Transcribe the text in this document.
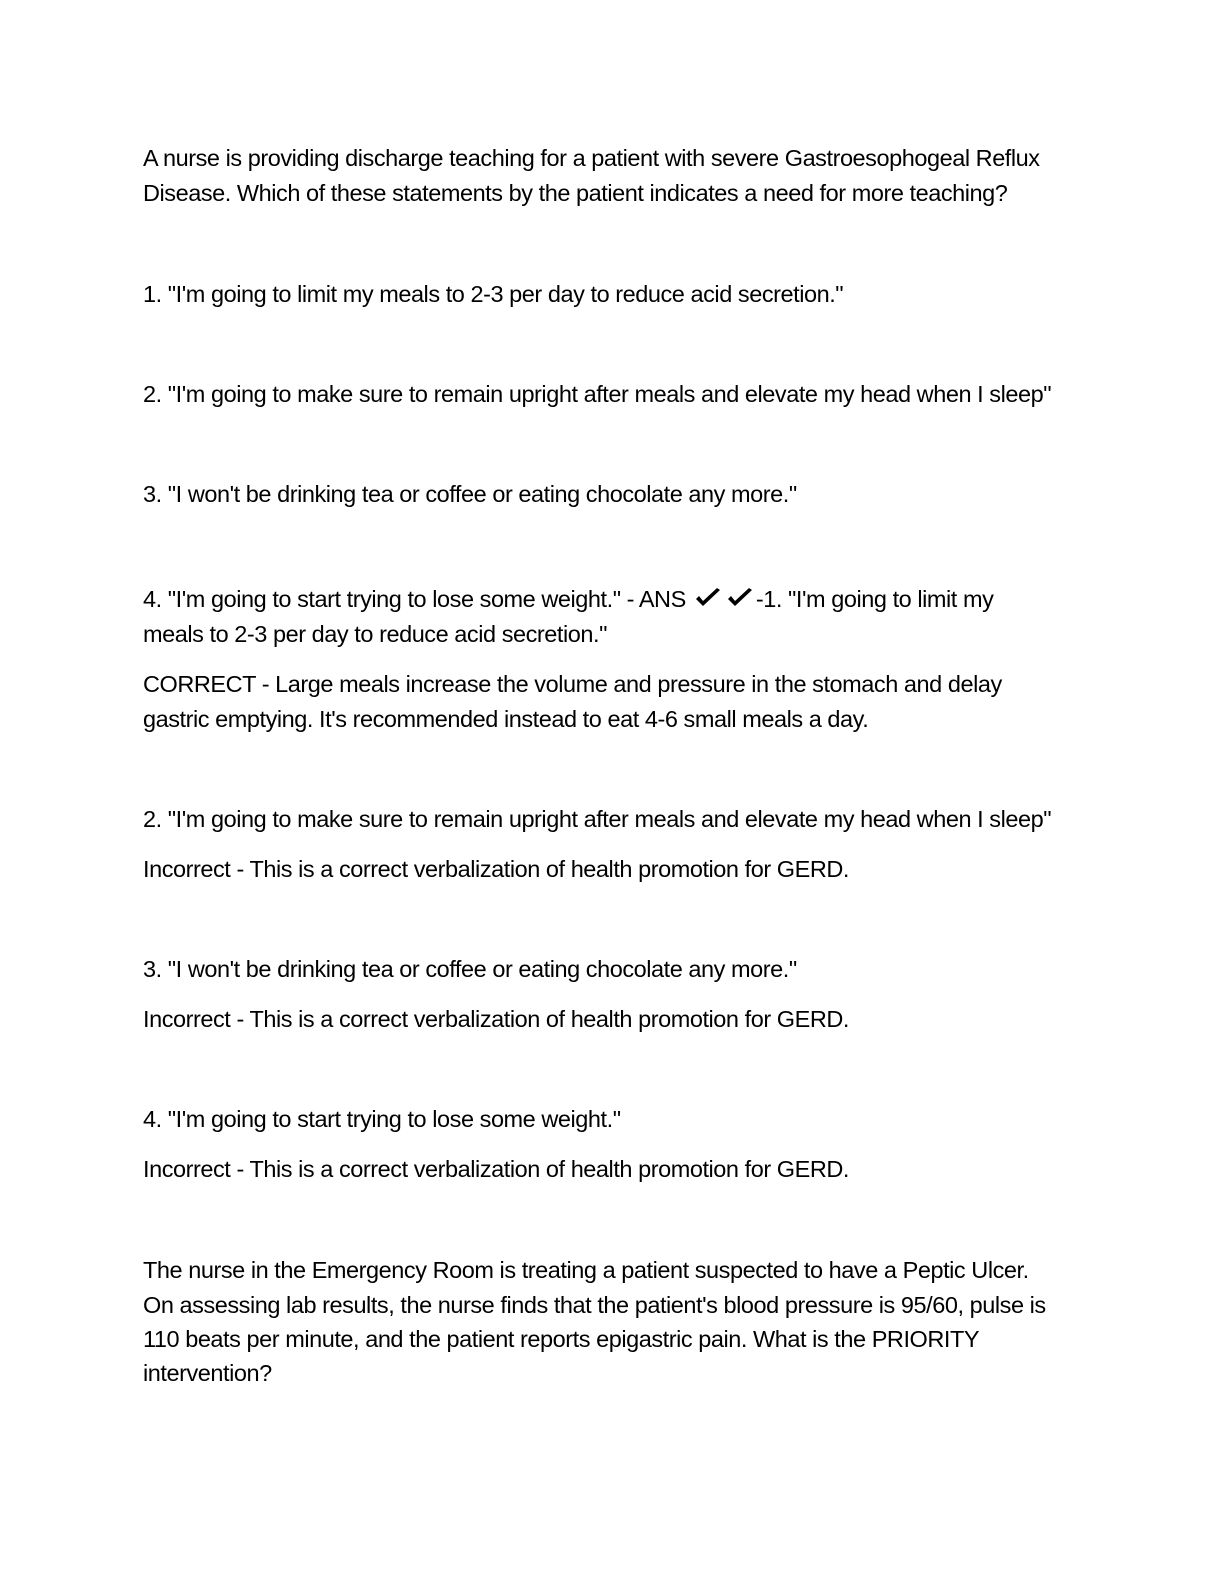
A nurse is providing discharge teaching for a patient with severe Gastroesophogeal Reflux

Disease. Which of these statements by the patient indicates a need for more teaching?

1. "I'm going to limit my meals to 2-3 per day to reduce acid secretion."

2. "I'm going to make sure to remain upright after meals and elevate my head when I sleep"

3. "I won't be drinking tea or coffee or eating chocolate any more."

4. "I'm going to start trying to lose some weight." - ANS	-1. "I'm going to limit my

meals to 2-3 per day to reduce acid secretion."

CORRECT - Large meals increase the volume and pressure in the stomach and delay

gastric emptying. It's recommended instead to eat 4-6 small meals a day.

2. "I'm going to make sure to remain upright after meals and elevate my head when I sleep"

Incorrect - This is a correct verbalization of health promotion for GERD.

3. "I won't be drinking tea or coffee or eating chocolate any more."

Incorrect - This is a correct verbalization of health promotion for GERD.

4. "I'm going to start trying to lose some weight."

Incorrect - This is a correct verbalization of health promotion for GERD.

The nurse in the Emergency Room is treating a patient suspected to have a Peptic Ulcer.

On assessing lab results, the nurse finds that the patient's blood pressure is 95/60, pulse is

110 beats per minute, and the patient reports epigastric pain. What is the PRIORITY

intervention?
